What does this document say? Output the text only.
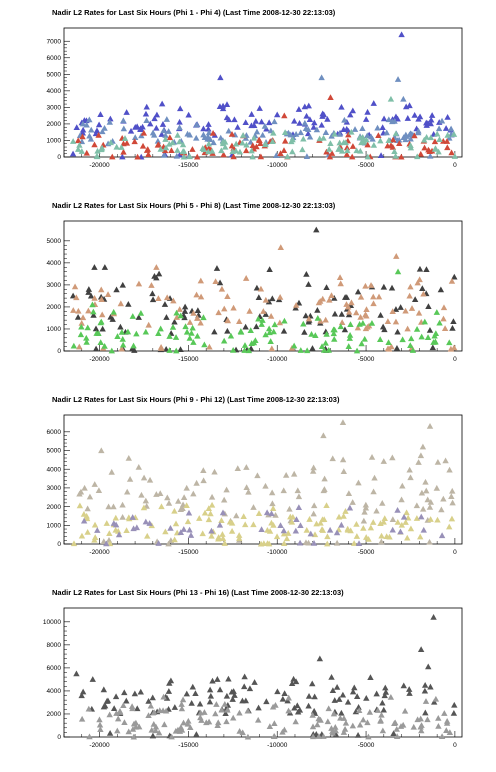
Nadir L2 Rates for Last Six Hours (Phi 1 - Phi 4) (Last Time 2008-12-30 22:13:03)
0
1000
2000
3000
4000
5000
6000
7000
-20000	-15000	-10000	-5000	0
Nadir L2 Rates for Last Six Hours (Phi 5 - Phi 8) (Last Time 2008-12-30 22:13:03)
0
1000
2000
3000
4000
5000
-20000	-15000	-10000	-5000	0
Nadir L2 Rates for Last Six Hours (Phi 9 - Phi 12) (Last Time 2008-12-30 22:13:03)
0
1000
2000
3000
4000
5000
6000
-20000	-15000	-10000	-5000	0
Nadir L2 Rates for Last Six Hours (Phi 13 - Phi 16) (Last Time 2008-12-30 22:13:03)
0
2000
4000
6000
8000
10000
-20000	-15000	-10000	-5000	0
